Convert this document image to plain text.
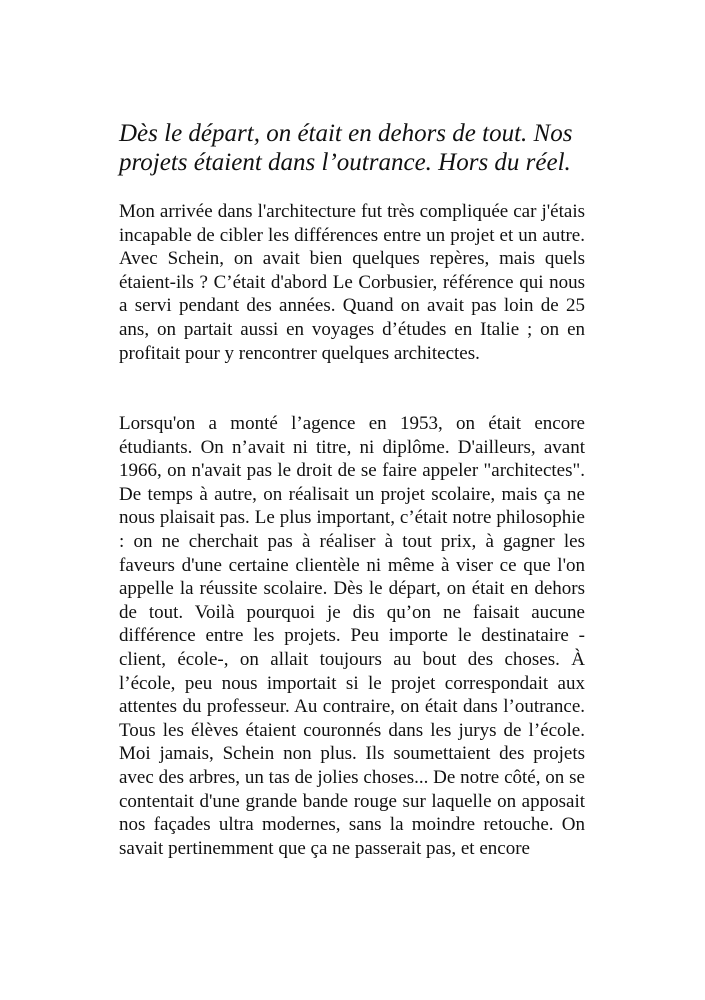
Dès le départ, on était en dehors de tout. Nos projets étaient dans l’outrance. Hors du réel.

Mon arrivée dans l'architecture fut très compliquée car j'étais incapable de cibler les différences entre un projet et un autre. Avec Schein, on avait bien quelques repères, mais quels étaient-ils ? C’était d'abord Le Corbusier, référence qui nous a servi pendant des années. Quand on avait pas loin de 25 ans, on partait aussi en voyages d’études en Italie ; on en profitait pour y rencontrer quelques architectes.

Lorsqu'on a monté l’agence en 1953, on était encore étudiants. On n’avait ni titre, ni diplôme. D'ailleurs, avant 1966, on n'avait pas le droit de se faire appeler "architectes". De temps à autre, on réalisait un projet scolaire, mais ça ne nous plaisait pas. Le plus important, c’était notre philosophie : on ne cherchait pas à réaliser à tout prix, à gagner les faveurs d'une certaine clientèle ni même à viser ce que l'on appelle la réussite scolaire. Dès le départ, on était en dehors de tout. Voilà pourquoi je dis qu’on ne faisait aucune différence entre les projets. Peu importe le destinataire -client, école-, on allait toujours au bout des choses. À l’école, peu nous importait si le projet correspondait aux attentes du professeur. Au contraire, on était dans l’outrance. Tous les élèves étaient couronnés dans les jurys de l’école. Moi jamais, Schein non plus. Ils soumettaient des projets avec des arbres, un tas de jolies choses... De notre côté, on se contentait d'une grande bande rouge sur laquelle on apposait nos façades ultra modernes, sans la moindre retouche. On savait pertinemment que ça ne passerait pas, et encore
